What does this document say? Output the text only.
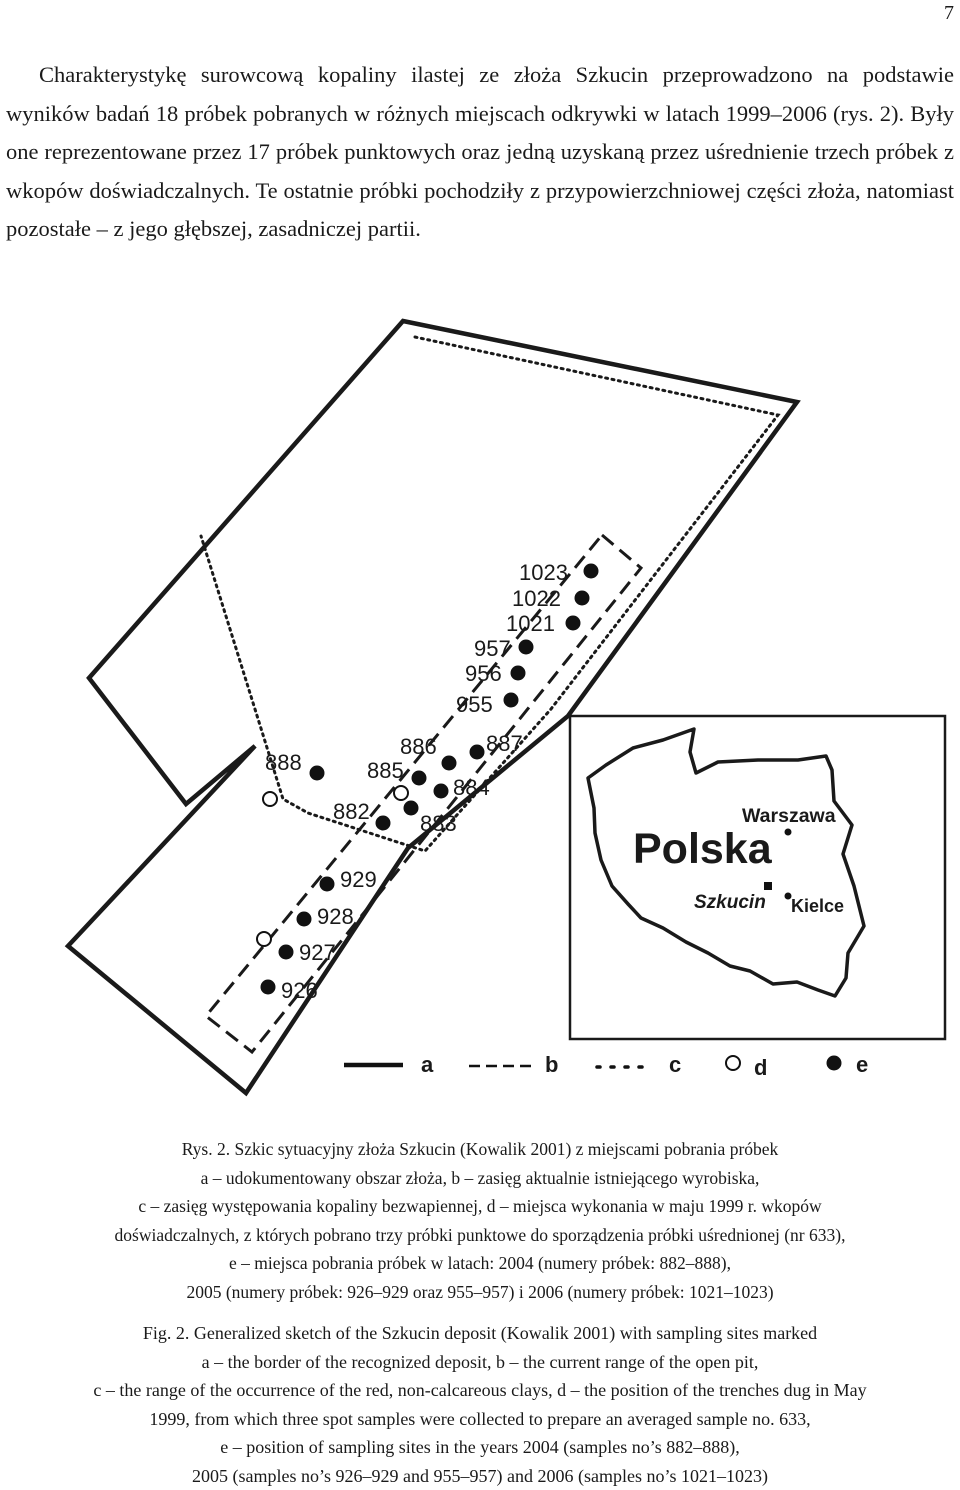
7

Charakterystykę surowcową kopaliny ilastej ze złoża Szkucin przeprowadzono na podstawie wyników badań 18 próbek pobranych w różnych miejscach odkrywki w latach 1999–2006 (rys. 2). Były one reprezentowane przez 17 próbek punktowych oraz jedną uzyskaną przez uśrednienie trzech próbek z wkopów doświadczalnych. Te ostatnie próbki pochodziły z przypowierzchniowej części złoża, natomiast pozostałe – z jego głębszej, zasadniczej partii.

1023
1022
1021
957
956
955
886 887
888	885
884
882 883
929
928
927
926
Polska
Warszawa
Szkucin Kielce
a	b	c	d	e
Rys. 2. Szkic sytuacyjny złoża Szkucin (Kowalik 2001) z miejscami pobrania próbek
a – udokumentowany obszar złoża, b – zasięg aktualnie istniejącego wyrobiska,
c – zasięg występowania kopaliny bezwapiennej, d – miejsca wykonania w maju 1999 r. wkopów
doświadczalnych, z których pobrano trzy próbki punktowe do sporządzenia próbki uśrednionej (nr 633),
e – miejsca pobrania próbek w latach: 2004 (numery próbek: 882–888),
2005 (numery próbek: 926–929 oraz 955–957) i 2006 (numery próbek: 1021–1023)
Fig. 2. Generalized sketch of the Szkucin deposit (Kowalik 2001) with sampling sites marked
a – the border of the recognized deposit, b – the current range of the open pit,
c – the range of the occurrence of the red, non-calcareous clays, d – the position of the trenches dug in May
1999, from which three spot samples were collected to prepare an averaged sample no. 633,
e – position of sampling sites in the years 2004 (samples no’s 882–888),
2005 (samples no’s 926–929 and 955–957) and 2006 (samples no’s 1021–1023)
